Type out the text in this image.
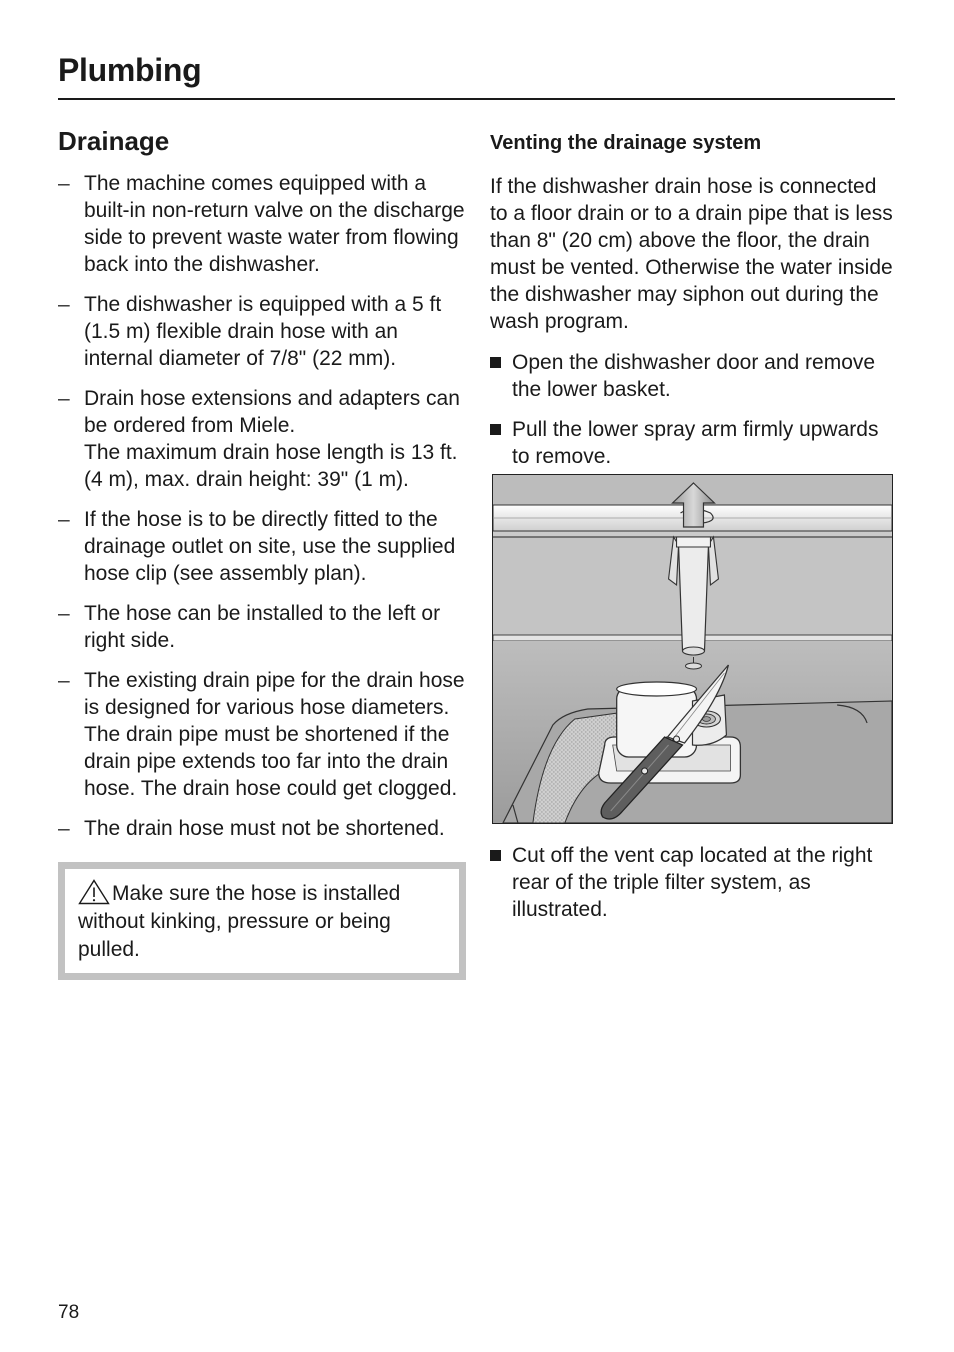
Plumbing
Drainage
– The machine comes equipped with a built-in non-return valve on the discharge side to prevent waste water from flowing back into the dishwasher.
– The dishwasher is equipped with a 5 ft (1.5 m) flexible drain hose with an internal diameter of 7/8" (22 mm).
– Drain hose extensions and adapters can be ordered from Miele.
The maximum drain hose length is 13 ft. (4 m), max. drain height: 39" (1 m).
– If the hose is to be directly fitted to the drainage outlet on site, use the supplied hose clip (see assembly plan).
– The hose can be installed to the left or right side.
– The existing drain pipe for the drain hose is designed for various hose diameters. The drain pipe must be shortened if the drain pipe extends too far into the drain hose. The drain hose could get clogged.
– The drain hose must not be shortened.
Make sure the hose is installed without kinking, pressure or being pulled.
Venting the drainage system

If the dishwasher drain hose is connected to a floor drain or to a drain pipe that is less than 8" (20 cm) above the floor, the drain must be vented. Otherwise the water inside the dishwasher may siphon out during the wash program.

Open the dishwasher door and remove the lower basket.
Pull the lower spray arm firmly upwards to remove.
Cut off the vent cap located at the right rear of the triple filter system, as illustrated.
78
